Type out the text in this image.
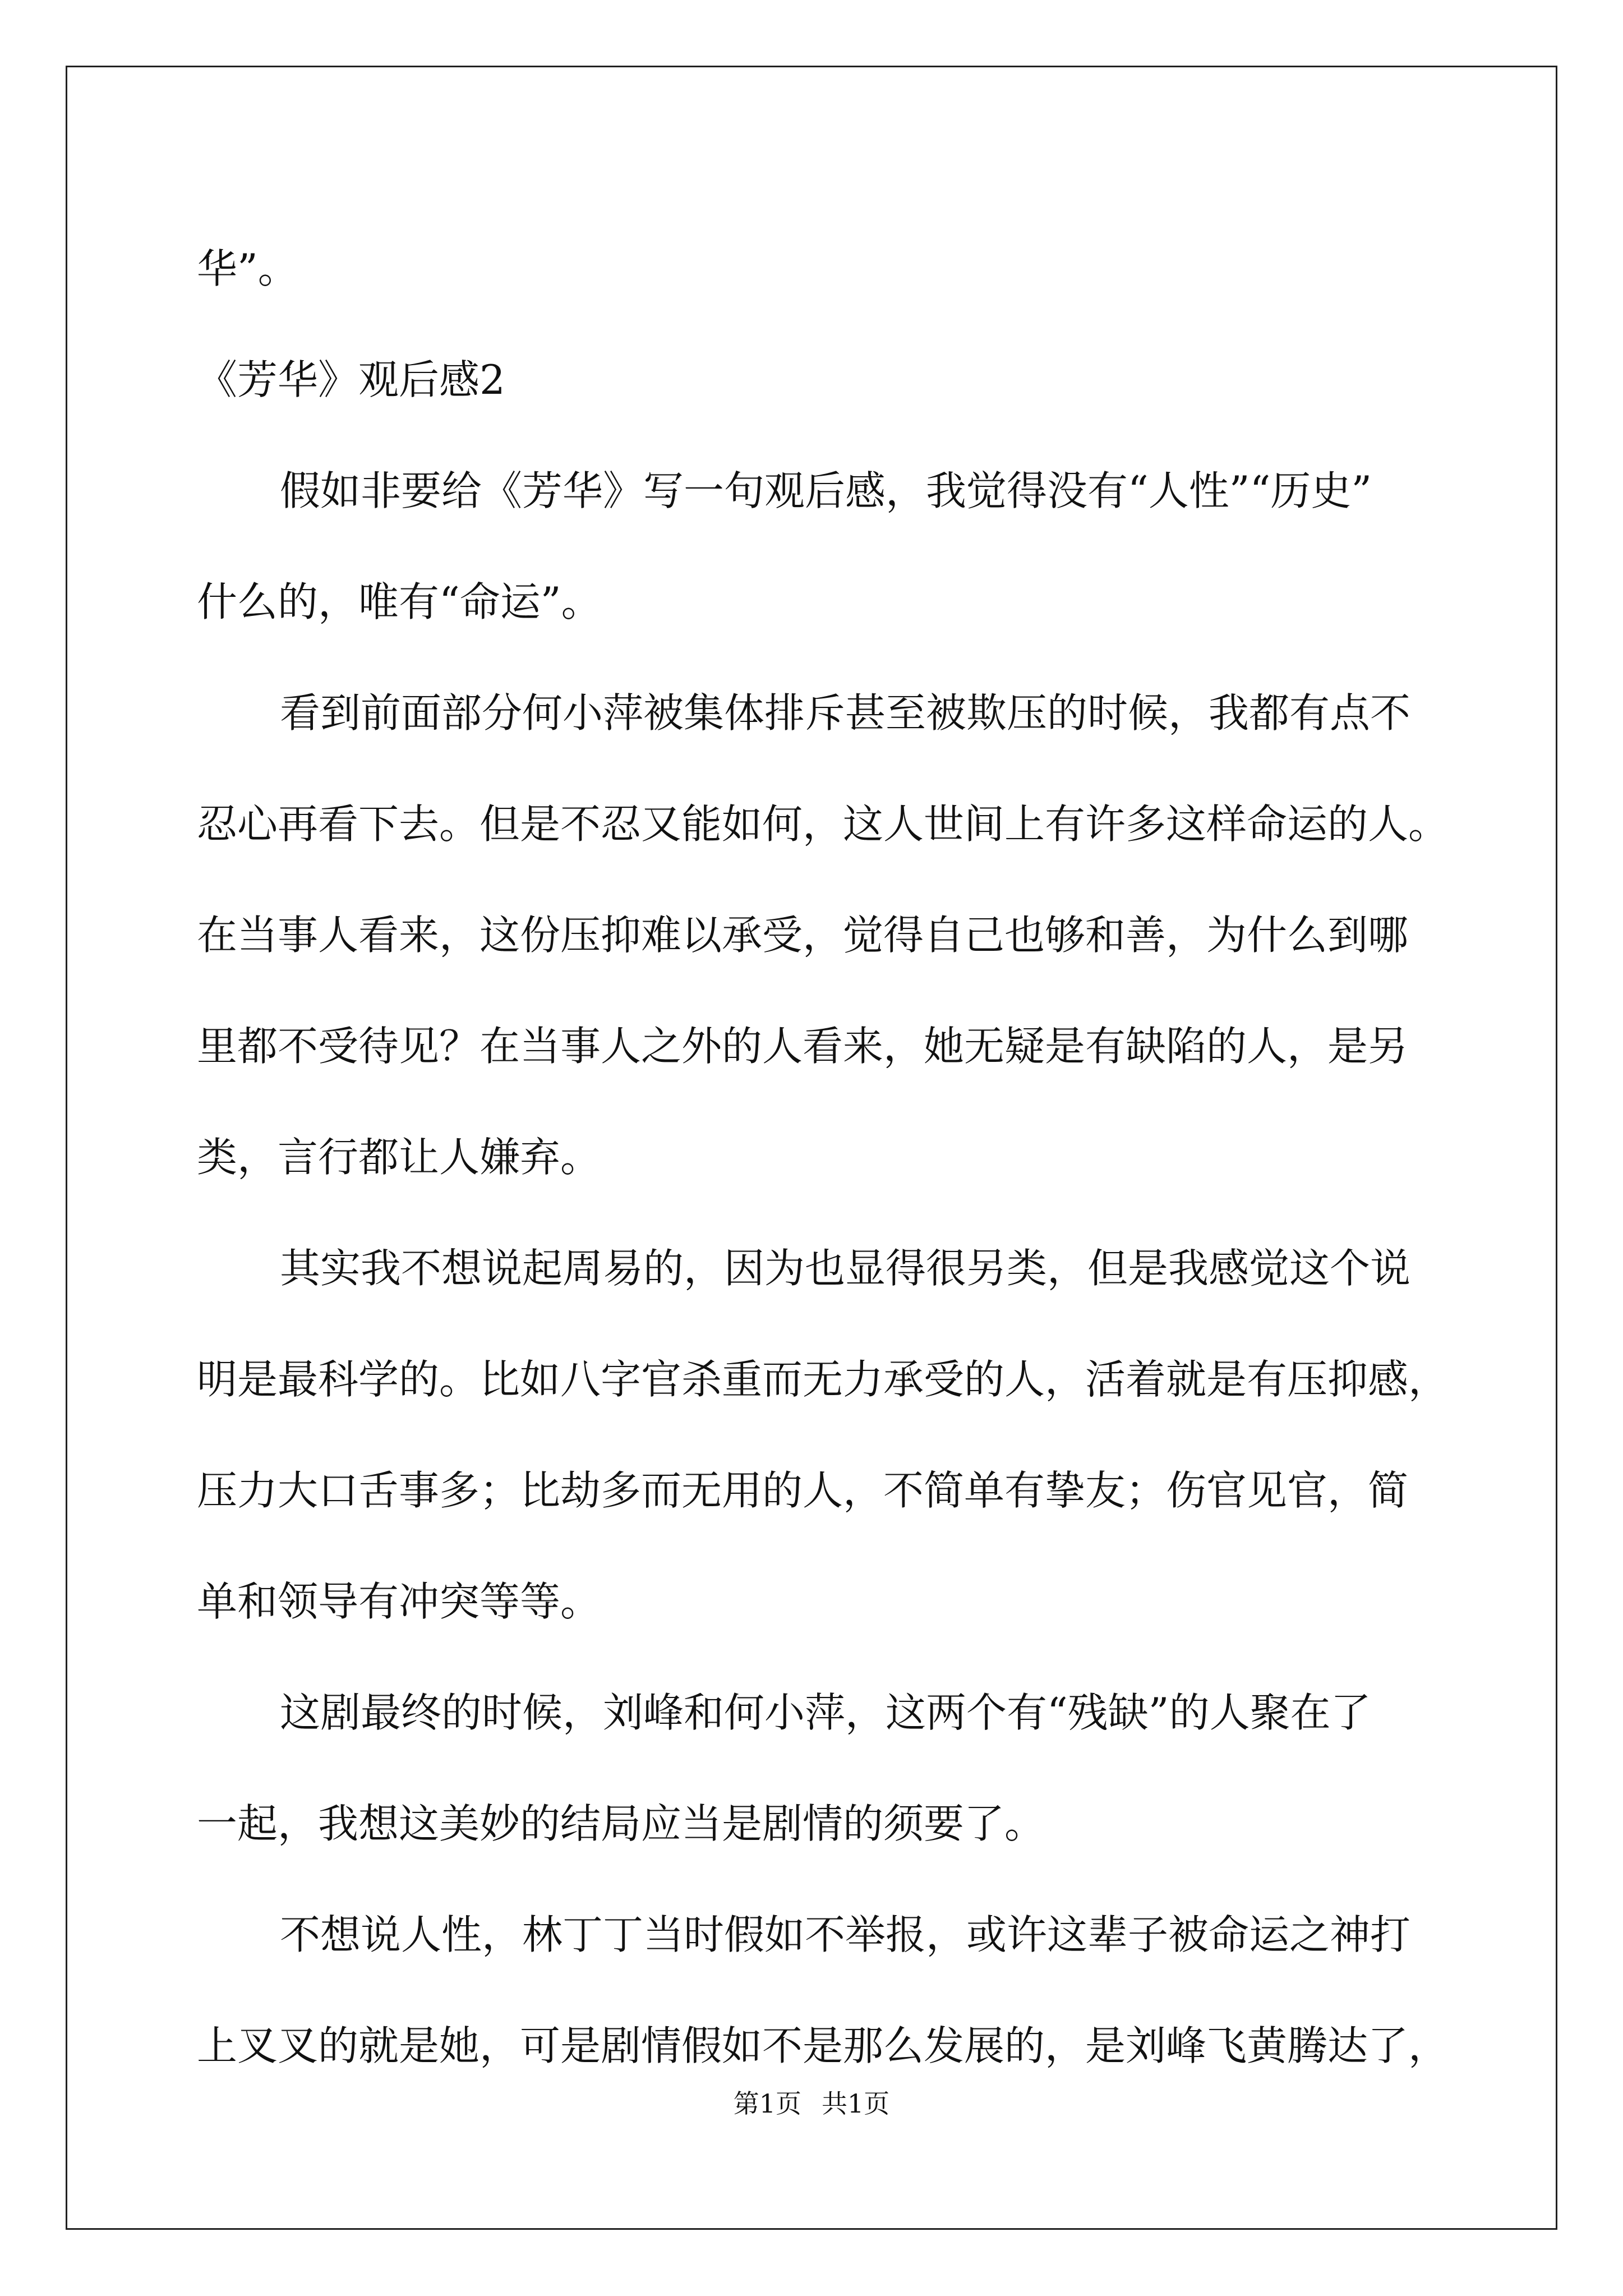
华”。

《芳华》观后感2

假如非要给《芳华》写一句观后感，我觉得没有“人性”“历史”

什么的，唯有“命运”。

看到前面部分何小萍被集体排斥甚至被欺压的时候，我都有点不

忍心再看下去。但是不忍又能如何，这人世间上有许多这样命运的人。

在当事人看来，这份压抑难以承受，觉得自己也够和善，为什么到哪

里都不受待见？在当事人之外的人看来，她无疑是有缺陷的人，是另

类，言行都让人嫌弃。

其实我不想说起周易的，因为也显得很另类，但是我感觉这个说

明是最科学的。比如八字官杀重而无力承受的人，活着就是有压抑感，

压力大口舌事多；比劫多而无用的人，不简单有挚友；伤官见官，简

单和领导有冲突等等。

这剧最终的时候，刘峰和何小萍，这两个有“残缺”的人聚在了

一起，我想这美妙的结局应当是剧情的须要了。

不想说人性，林丁丁当时假如不举报，或许这辈子被命运之神打

上叉叉的就是她，可是剧情假如不是那么发展的，是刘峰飞黄腾达了，

第1页 共1页
